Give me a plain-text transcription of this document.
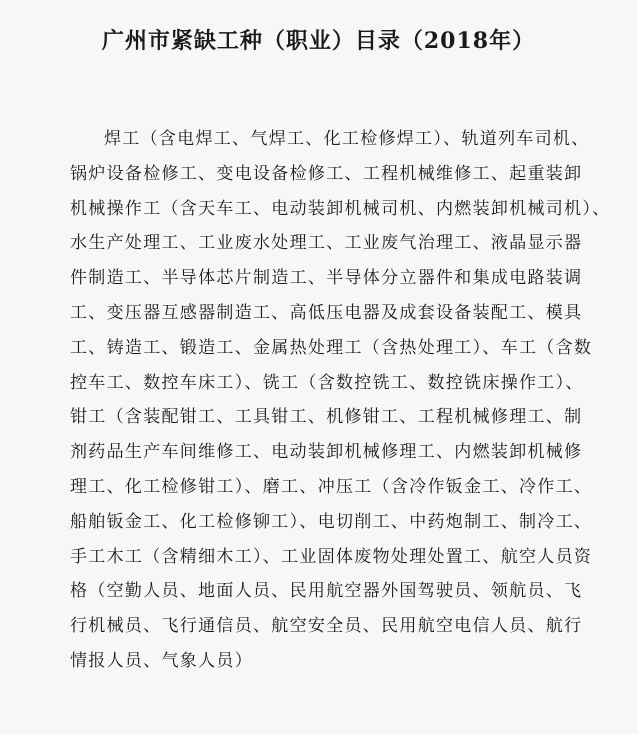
广州市紧缺工种（职业）目录（2018年）
焊工（含电焊工、气焊工、化工检修焊工）、轨道列车司机、
锅炉设备检修工、变电设备检修工、工程机械维修工、起重装卸
机械操作工（含天车工、电动装卸机械司机、内燃装卸机械司机）、
水生产处理工、工业废水处理工、工业废气治理工、液晶显示器
件制造工、半导体芯片制造工、半导体分立器件和集成电路装调
工、变压器互感器制造工、高低压电器及成套设备装配工、模具
工、铸造工、锻造工、金属热处理工（含热处理工）、车工（含数
控车工、数控车床工）、铣工（含数控铣工、数控铣床操作工）、
钳工（含装配钳工、工具钳工、机修钳工、工程机械修理工、制
剂药品生产车间维修工、电动装卸机械修理工、内燃装卸机械修
理工、化工检修钳工）、磨工、冲压工（含冷作钣金工、冷作工、
船舶钣金工、化工检修铆工）、电切削工、中药炮制工、制冷工、
手工木工（含精细木工）、工业固体废物处理处置工、航空人员资
格（空勤人员、地面人员、民用航空器外国驾驶员、领航员、飞
行机械员、飞行通信员、航空安全员、民用航空电信人员、航行
情报人员、气象人员）
